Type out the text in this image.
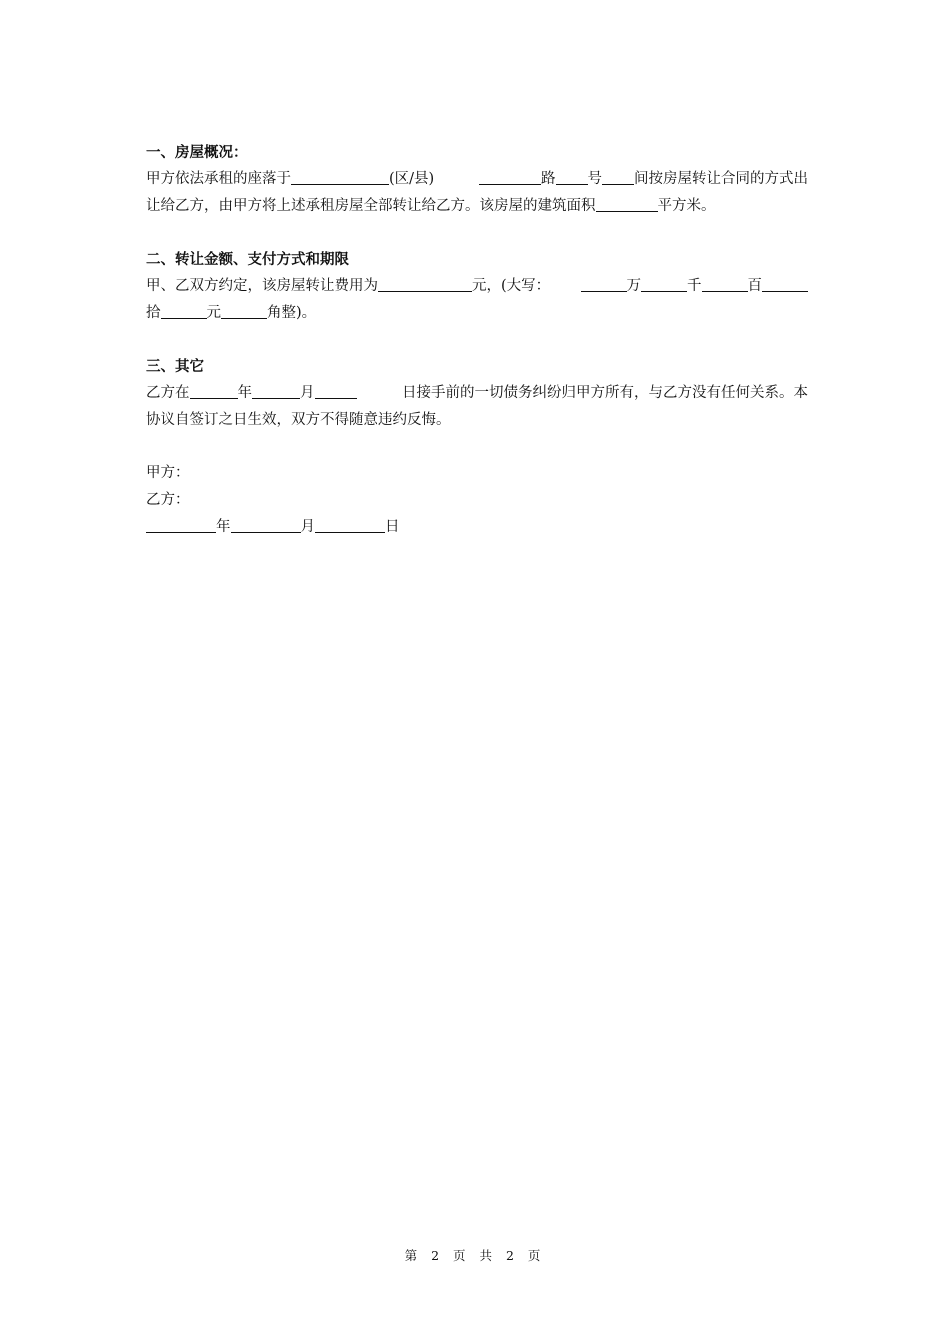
一、房屋概况：
甲方依法承租的座落于	(区/县)	路 号 间按房屋转让合同的方式出
让给乙方，由甲方将上述承租房屋全部转让给乙方。该房屋的建筑面积	平方米。
二、转让金额、支付方式和期限
甲、乙双方约定，该房屋转让费用为	元，(大写：	万	千	百
拾	元	角整)。
三、其它
乙方在	年	月	日接手前的一切债务纠纷归甲方所有，与乙方没有任何关系。本
协议自签订之日生效，双方不得随意违约反悔。
甲方：
乙方：
年	月	日
第 2 页 共 2 页
